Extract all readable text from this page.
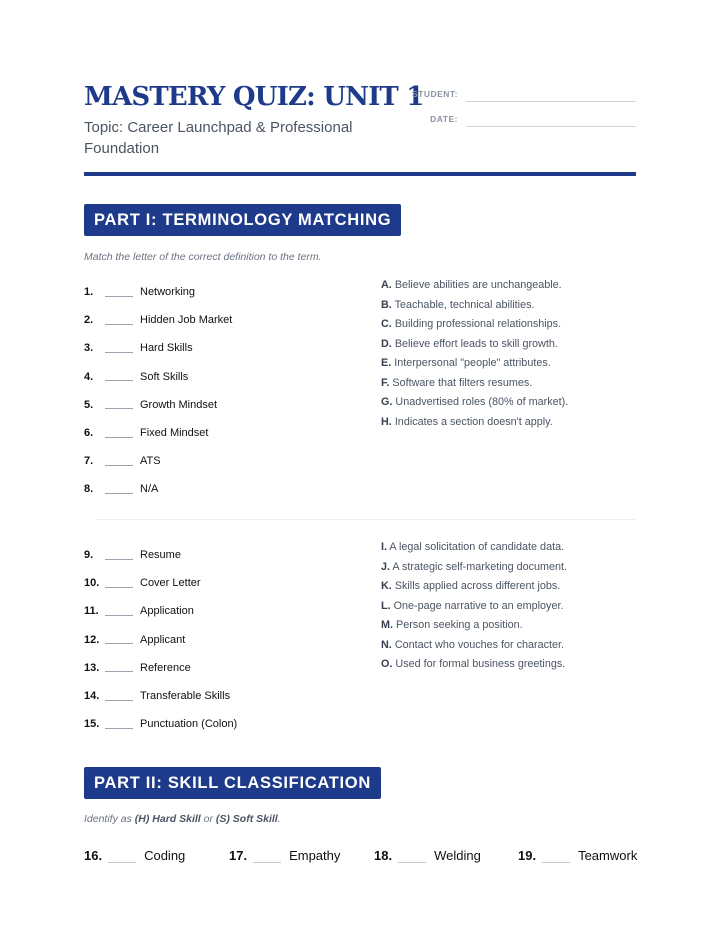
MASTERY QUIZ: UNIT 1
Topic: Career Launchpad & Professional Foundation
STUDENT:
DATE:
PART I: TERMINOLOGY MATCHING
Match the letter of the correct definition to the term.
1.	Networking
2.	Hidden Job Market
3.	Hard Skills
4.	Soft Skills
5.	Growth Mindset
6.	Fixed Mindset
7.	ATS
8.	N/A
A. Believe abilities are unchangeable.
B. Teachable, technical abilities.
C. Building professional relationships.
D. Believe effort leads to skill growth.
E. Interpersonal "people" attributes.
F. Software that filters resumes.
G. Unadvertised roles (80% of market).
H. Indicates a section doesn't apply.
9.	Resume
10.	Cover Letter
11.	Application
12.	Applicant
13.	Reference
14.	Transferable Skills
15.	Punctuation (Colon)
I. A legal solicitation of candidate data.
J. A strategic self-marketing document.
K. Skills applied across different jobs.
L. One-page narrative to an employer.
M. Person seeking a position.
N. Contact who vouches for character.
O. Used for formal business greetings.
PART II: SKILL CLASSIFICATION
Identify as (H) Hard Skill or (S) Soft Skill.
16.	Coding	17.	Empathy	18.	Welding	19.	Teamwork
